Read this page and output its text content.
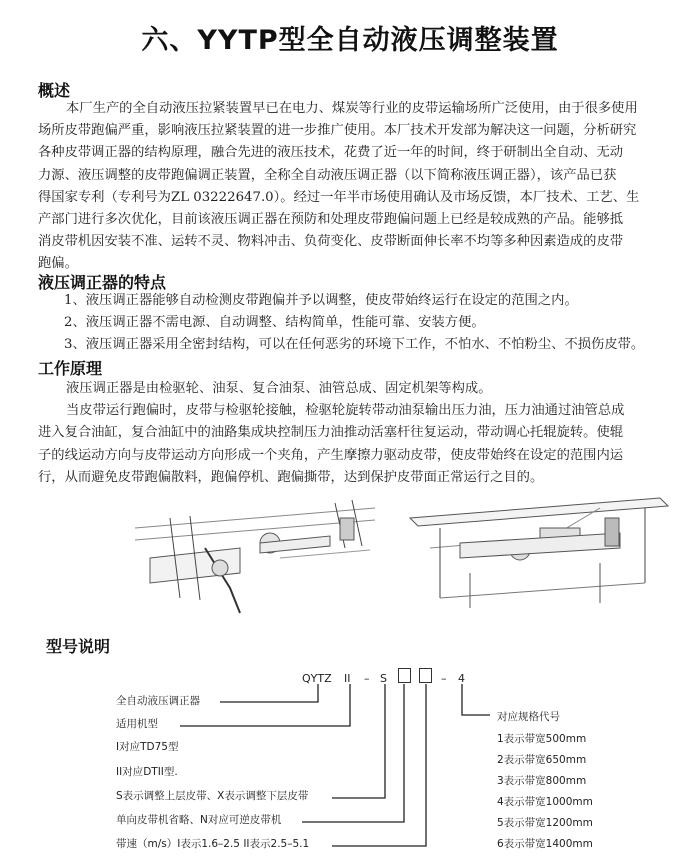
六、YYTP型全自动液压调整装置
概述
本厂生产的全自动液压拉紧装置早已在电力、煤炭等行业的皮带运输场所广泛使用，由于很多使用
场所皮带跑偏严重，影响液压拉紧装置的进一步推广使用。本厂技术开发部为解决这一问题，分析研究
各种皮带调正器的结构原理，融合先进的液压技术，花费了近一年的时间，终于研制出全自动、无动
力源、液压调整的皮带跑偏调正装置，全称全自动液压调正器（以下简称液压调正器），该产品已获
得国家专利（专利号为ZL 03222647.0）。经过一年半市场使用确认及市场反馈，本厂技术、工艺、生
产部门进行多次优化，目前该液压调正器在预防和处理皮带跑偏问题上已经是较成熟的产品。能够抵
消皮带机因安装不准、运转不灵、物料冲击、负荷变化、皮带断面伸长率不均等多种因素造成的皮带
跑偏。
液压调正器的特点
1、液压调正器能够自动检测皮带跑偏并予以调整，使皮带始终运行在设定的范围之内。
2、液压调正器不需电源、自动调整、结构简单，性能可靠、安装方便。
3、液压调正器采用全密封结构，可以在任何恶劣的环境下工作，不怕水、不怕粉尘、不损伤皮带。
工作原理
液压调正器是由检驱轮、油泵、复合油泵、油管总成、固定机架等构成。
当皮带运行跑偏时，皮带与检驱轮接触，检驱轮旋转带动油泵输出压力油，压力油通过油管总成
进入复合油缸，复合油缸中的油路集成块控制压力油推动活塞杆往复运动，带动调心托辊旋转。使辊
子的线运动方向与皮带运动方向形成一个夹角，产生摩擦力驱动皮带，使皮带始终在设定的范围内运
行，从而避免皮带跑偏散料，跑偏停机、跑偏撕带，达到保护皮带面正常运行之目的。
型号说明
QYTZ II – S	– 4
全自动液压调正器
适用机型
I对应TD75型
II对应DTII型.
S表示调整上层皮带、X表示调整下层皮带
单向皮带机省略、N对应可逆皮带机
带速（m/s）I表示1.6–2.5 II表示2.5–5.1
对应规格代号
1表示带宽500mm
2表示带宽650mm
3表示带宽800mm
4表示带宽1000mm
5表示带宽1200mm
6表示带宽1400mm
